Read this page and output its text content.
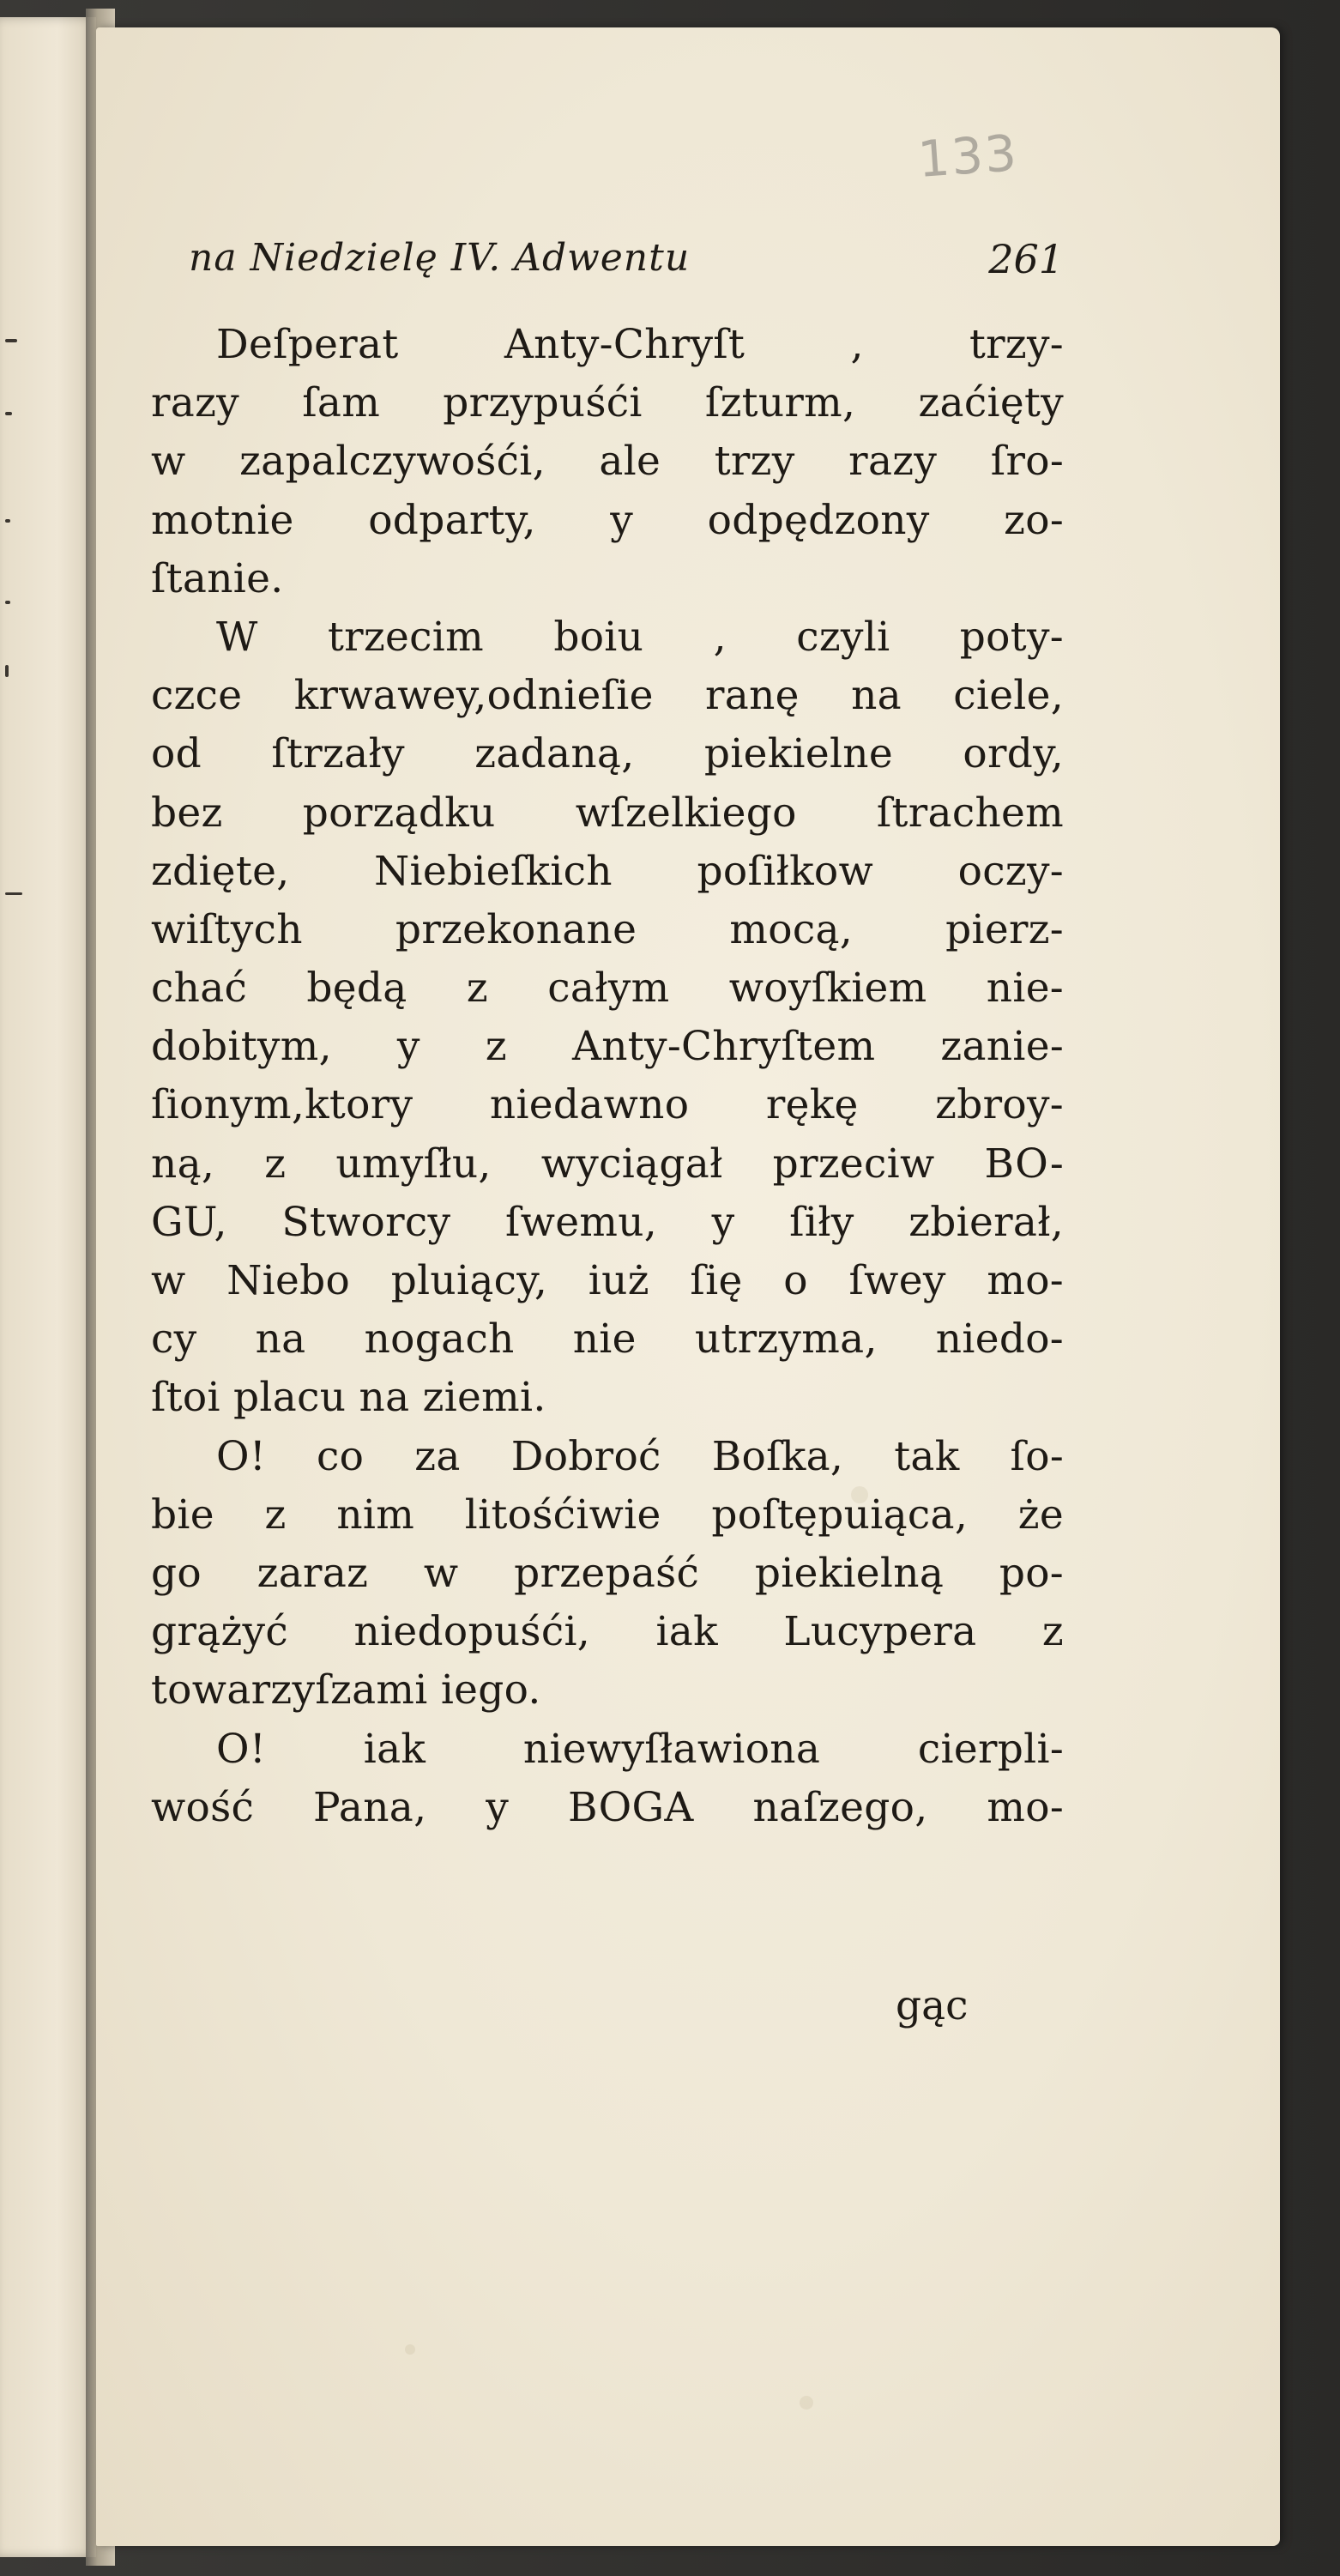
133
na Niedzielę IV. Adwentu	261
Deſperat Anty-Chryſt , trzy-
razy ſam przypuśći ſzturm, zaćięty
w zapalczywośći, ale trzy razy ſro-
motnie odparty, y odpędzony zo-
ſtanie.
W trzecim boiu , czyli poty-
czce krwawey,odnieſie ranę na ciele,
od ſtrzały zadaną, piekielne ordy,
bez porządku wſzelkiego ſtrachem
zdięte, Niebieſkich poſiłkow oczy-
wiſtych przekonane mocą, pierz-
chać będą z całym woyſkiem nie-
dobitym, y z Anty-Chryſtem zanie-
ſionym,ktory niedawno rękę zbroy-
ną, z umyſłu, wyciągał przeciw BO-
GU, Stworcy ſwemu, y ſiły zbierał,
w Niebo pluiący, iuż ſię o ſwey mo-
cy na nogach nie utrzyma, niedo-
ſtoi placu na ziemi.
O! co za Dobroć Boſka, tak ſo-
bie z nim litośćiwie poſtępuiąca, że
go zaraz w przepaść piekielną po-
grążyć niedopuśći, iak Lucypera z
towarzyſzami iego.
O! iak niewyſławiona cierpli-
wość Pana, y BOGA naſzego, mo-
gąc
